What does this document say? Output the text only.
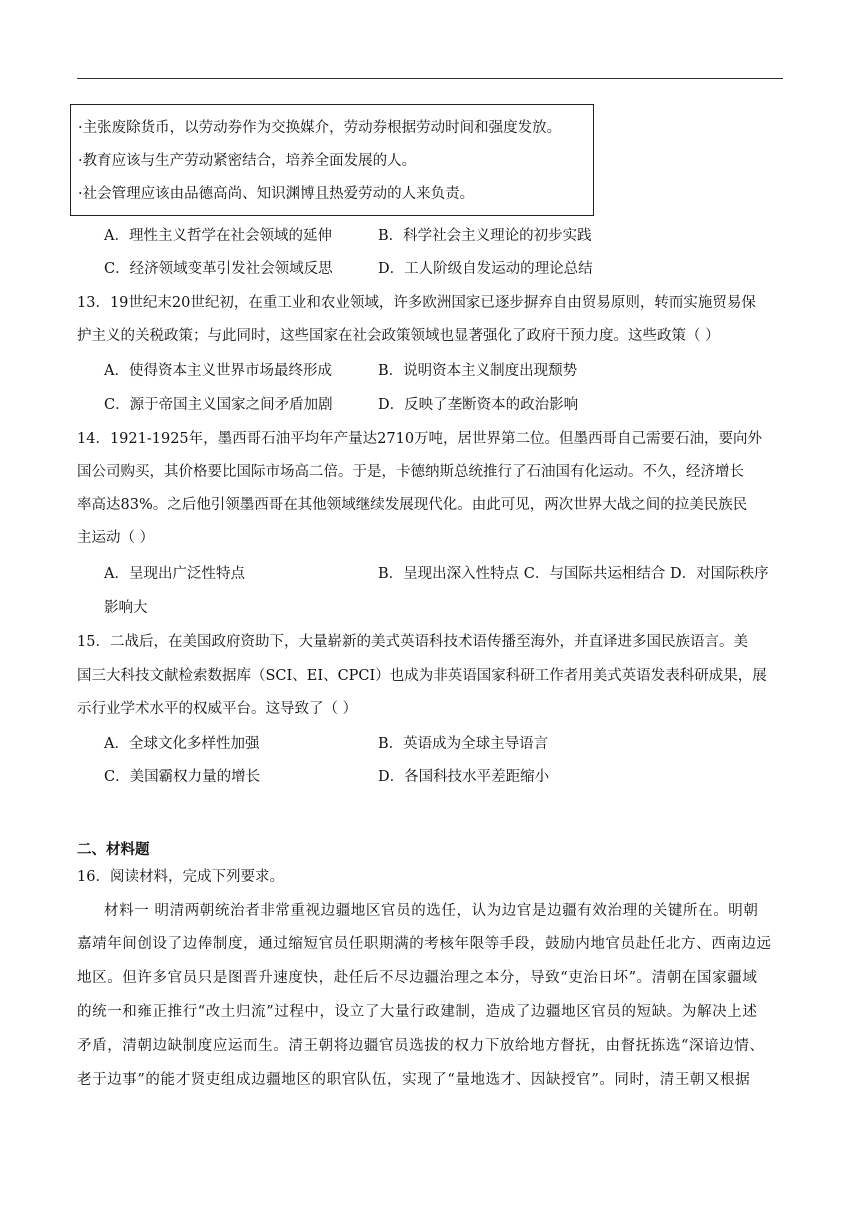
·主张废除货币，以劳动券作为交换媒介，劳动券根据劳动时间和强度发放。
·教育应该与生产劳动紧密结合，培养全面发展的人。
·社会管理应该由品德高尚、知识渊博且热爱劳动的人来负责。
A．理性主义哲学在社会领域的延伸	B．科学社会主义理论的初步实践
C．经济领域变革引发社会领域反思	D．工人阶级自发运动的理论总结
13．19世纪末20世纪初，在重工业和农业领域，许多欧洲国家已逐步摒弃自由贸易原则，转而实施贸易保
护主义的关税政策；与此同时，这些国家在社会政策领域也显著强化了政府干预力度。这些政策（ ）
A．使得资本主义世界市场最终形成	B．说明资本主义制度出现颓势
C．源于帝国主义国家之间矛盾加剧	D．反映了垄断资本的政治影响
14．1921-1925年，墨西哥石油平均年产量达2710万吨，居世界第二位。但墨西哥自己需要石油，要向外
国公司购买，其价格要比国际市场高二倍。于是，卡德纳斯总统推行了石油国有化运动。不久，经济增长
率高达83%。之后他引领墨西哥在其他领域继续发展现代化。由此可见，两次世界大战之间的拉美民族民
主运动（ ）
A．呈现出广泛性特点	B．呈现出深入性特点 C．与国际共运相结合 D．对国际秩序
影响大
15．二战后，在美国政府资助下，大量崭新的美式英语科技术语传播至海外，并直译进多国民族语言。美
国三大科技文献检索数据库（SCI、EI、CPCI）也成为非英语国家科研工作者用美式英语发表科研成果，展
示行业学术水平的权威平台。这导致了（ ）
A．全球文化多样性加强	B．英语成为全球主导语言
C．美国霸权力量的增长	D．各国科技水平差距缩小
二、材料题
16．阅读材料，完成下列要求。
材料一 明清两朝统治者非常重视边疆地区官员的选任，认为边官是边疆有效治理的关键所在。明朝
嘉靖年间创设了边俸制度，通过缩短官员任职期满的考核年限等手段，鼓励内地官员赴任北方、西南边远
地区。但许多官员只是图晋升速度快，赴任后不尽边疆治理之本分，导致“吏治日坏”。清朝在国家疆域
的统一和雍正推行“改土归流”过程中，设立了大量行政建制，造成了边疆地区官员的短缺。为解决上述
矛盾，清朝边缺制度应运而生。清王朝将边疆官员选拔的权力下放给地方督抚，由督抚拣选“深谙边情、
老于边事”的能才贤吏组成边疆地区的职官队伍，实现了“量地选才、因缺授官”。同时，清王朝又根据
